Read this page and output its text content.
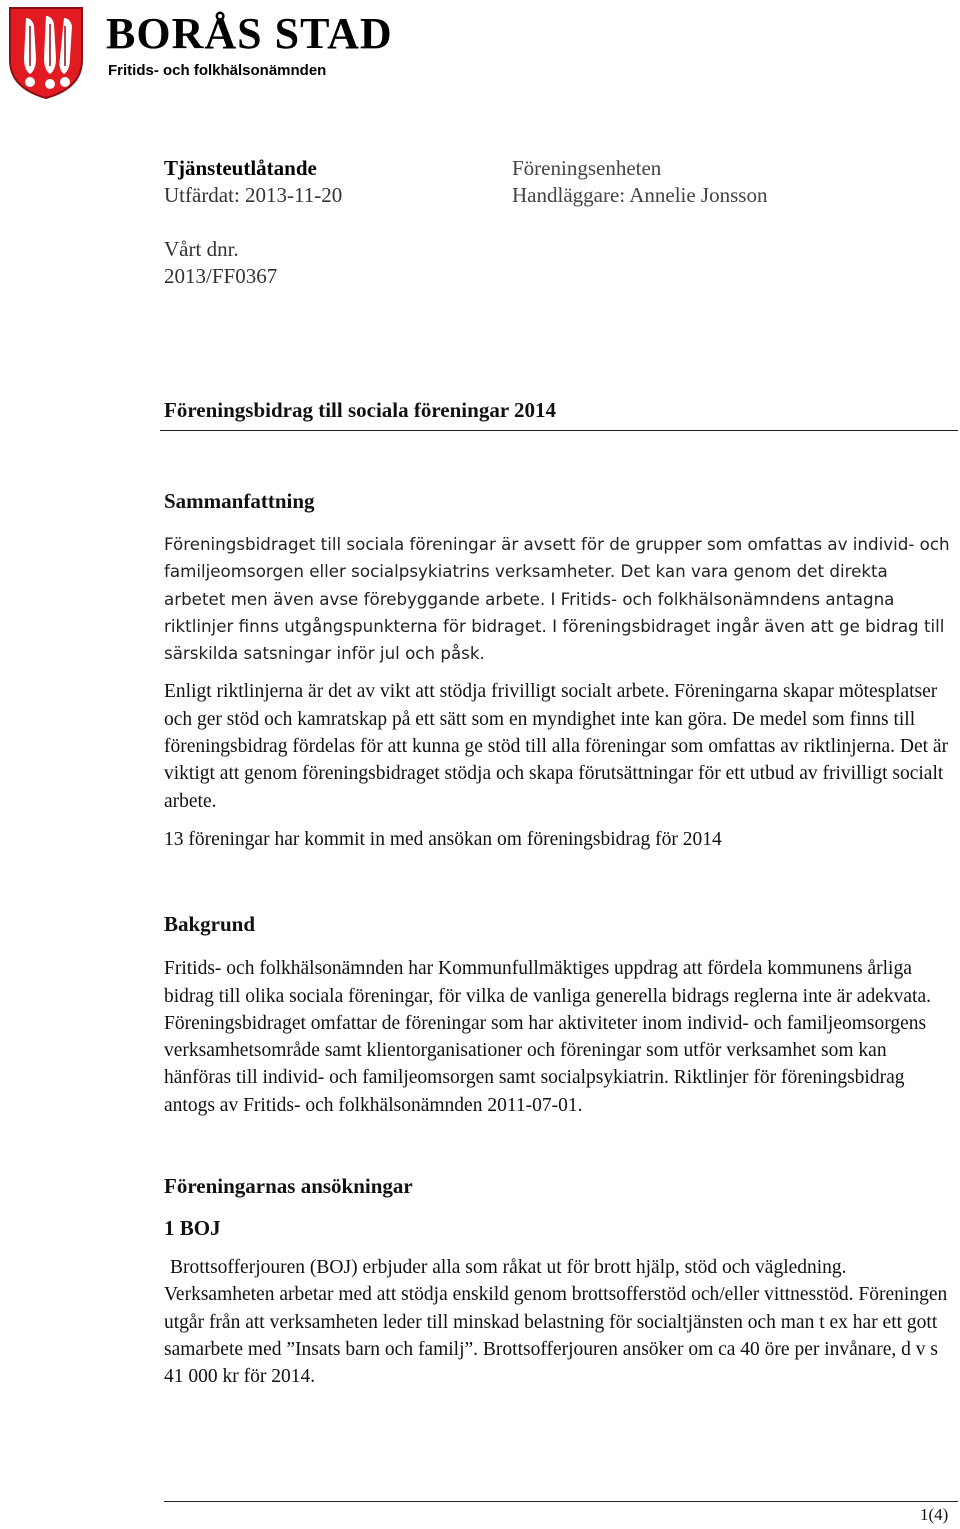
BORÅS STAD
Fritids- och folkhälsonämnden
Tjänsteutlåtande
Utfärdat: 2013-11-20
Föreningsenheten
Handläggare: Annelie Jonsson
Vårt dnr.
2013/FF0367
Föreningsbidrag till sociala föreningar 2014
Sammanfattning

Föreningsbidraget till sociala föreningar är avsett för de grupper som omfattas av individ- och familjeomsorgen eller socialpsykiatrins verksamheter. Det kan vara genom det direkta arbetet men även avse förebyggande arbete. I Fritids- och folkhälsonämndens antagna riktlinjer finns utgångspunkterna för bidraget. I föreningsbidraget ingår även att ge bidrag till särskilda satsningar inför jul och påsk.

Enligt riktlinjerna är det av vikt att stödja frivilligt socialt arbete. Föreningarna skapar mötesplatser och ger stöd och kamratskap på ett sätt som en myndighet inte kan göra. De medel som finns till föreningsbidrag fördelas för att kunna ge stöd till alla föreningar som omfattas av riktlinjerna. Det är viktigt att genom föreningsbidraget stödja och skapa förutsättningar för ett utbud av frivilligt socialt arbete.

13 föreningar har kommit in med ansökan om föreningsbidrag för 2014

Bakgrund

Fritids- och folkhälsonämnden har Kommunfullmäktiges uppdrag att fördela kommunens årliga bidrag till olika sociala föreningar, för vilka de vanliga generella bidrags reglerna inte är adekvata. Föreningsbidraget omfattar de föreningar som har aktiviteter inom individ- och familjeomsorgens verksamhetsområde samt klientorganisationer och föreningar som utför verksamhet som kan hänföras till individ- och familjeomsorgen samt socialpsykiatrin. Riktlinjer för föreningsbidrag antogs av Fritids- och folkhälsonämnden 2011-07-01.

Föreningarnas ansökningar
1 BOJ

Brottsofferjouren (BOJ) erbjuder alla som råkat ut för brott hjälp, stöd och vägledning. Verksamheten arbetar med att stödja enskild genom brottsofferstöd och/eller vittnesstöd. Föreningen utgår från att verksamheten leder till minskad belastning för socialtjänsten och man t ex har ett gott samarbete med ”Insats barn och familj”. Brottsofferjouren ansöker om ca 40 öre per invånare, d v s 41 000 kr för 2014.

1(4)
